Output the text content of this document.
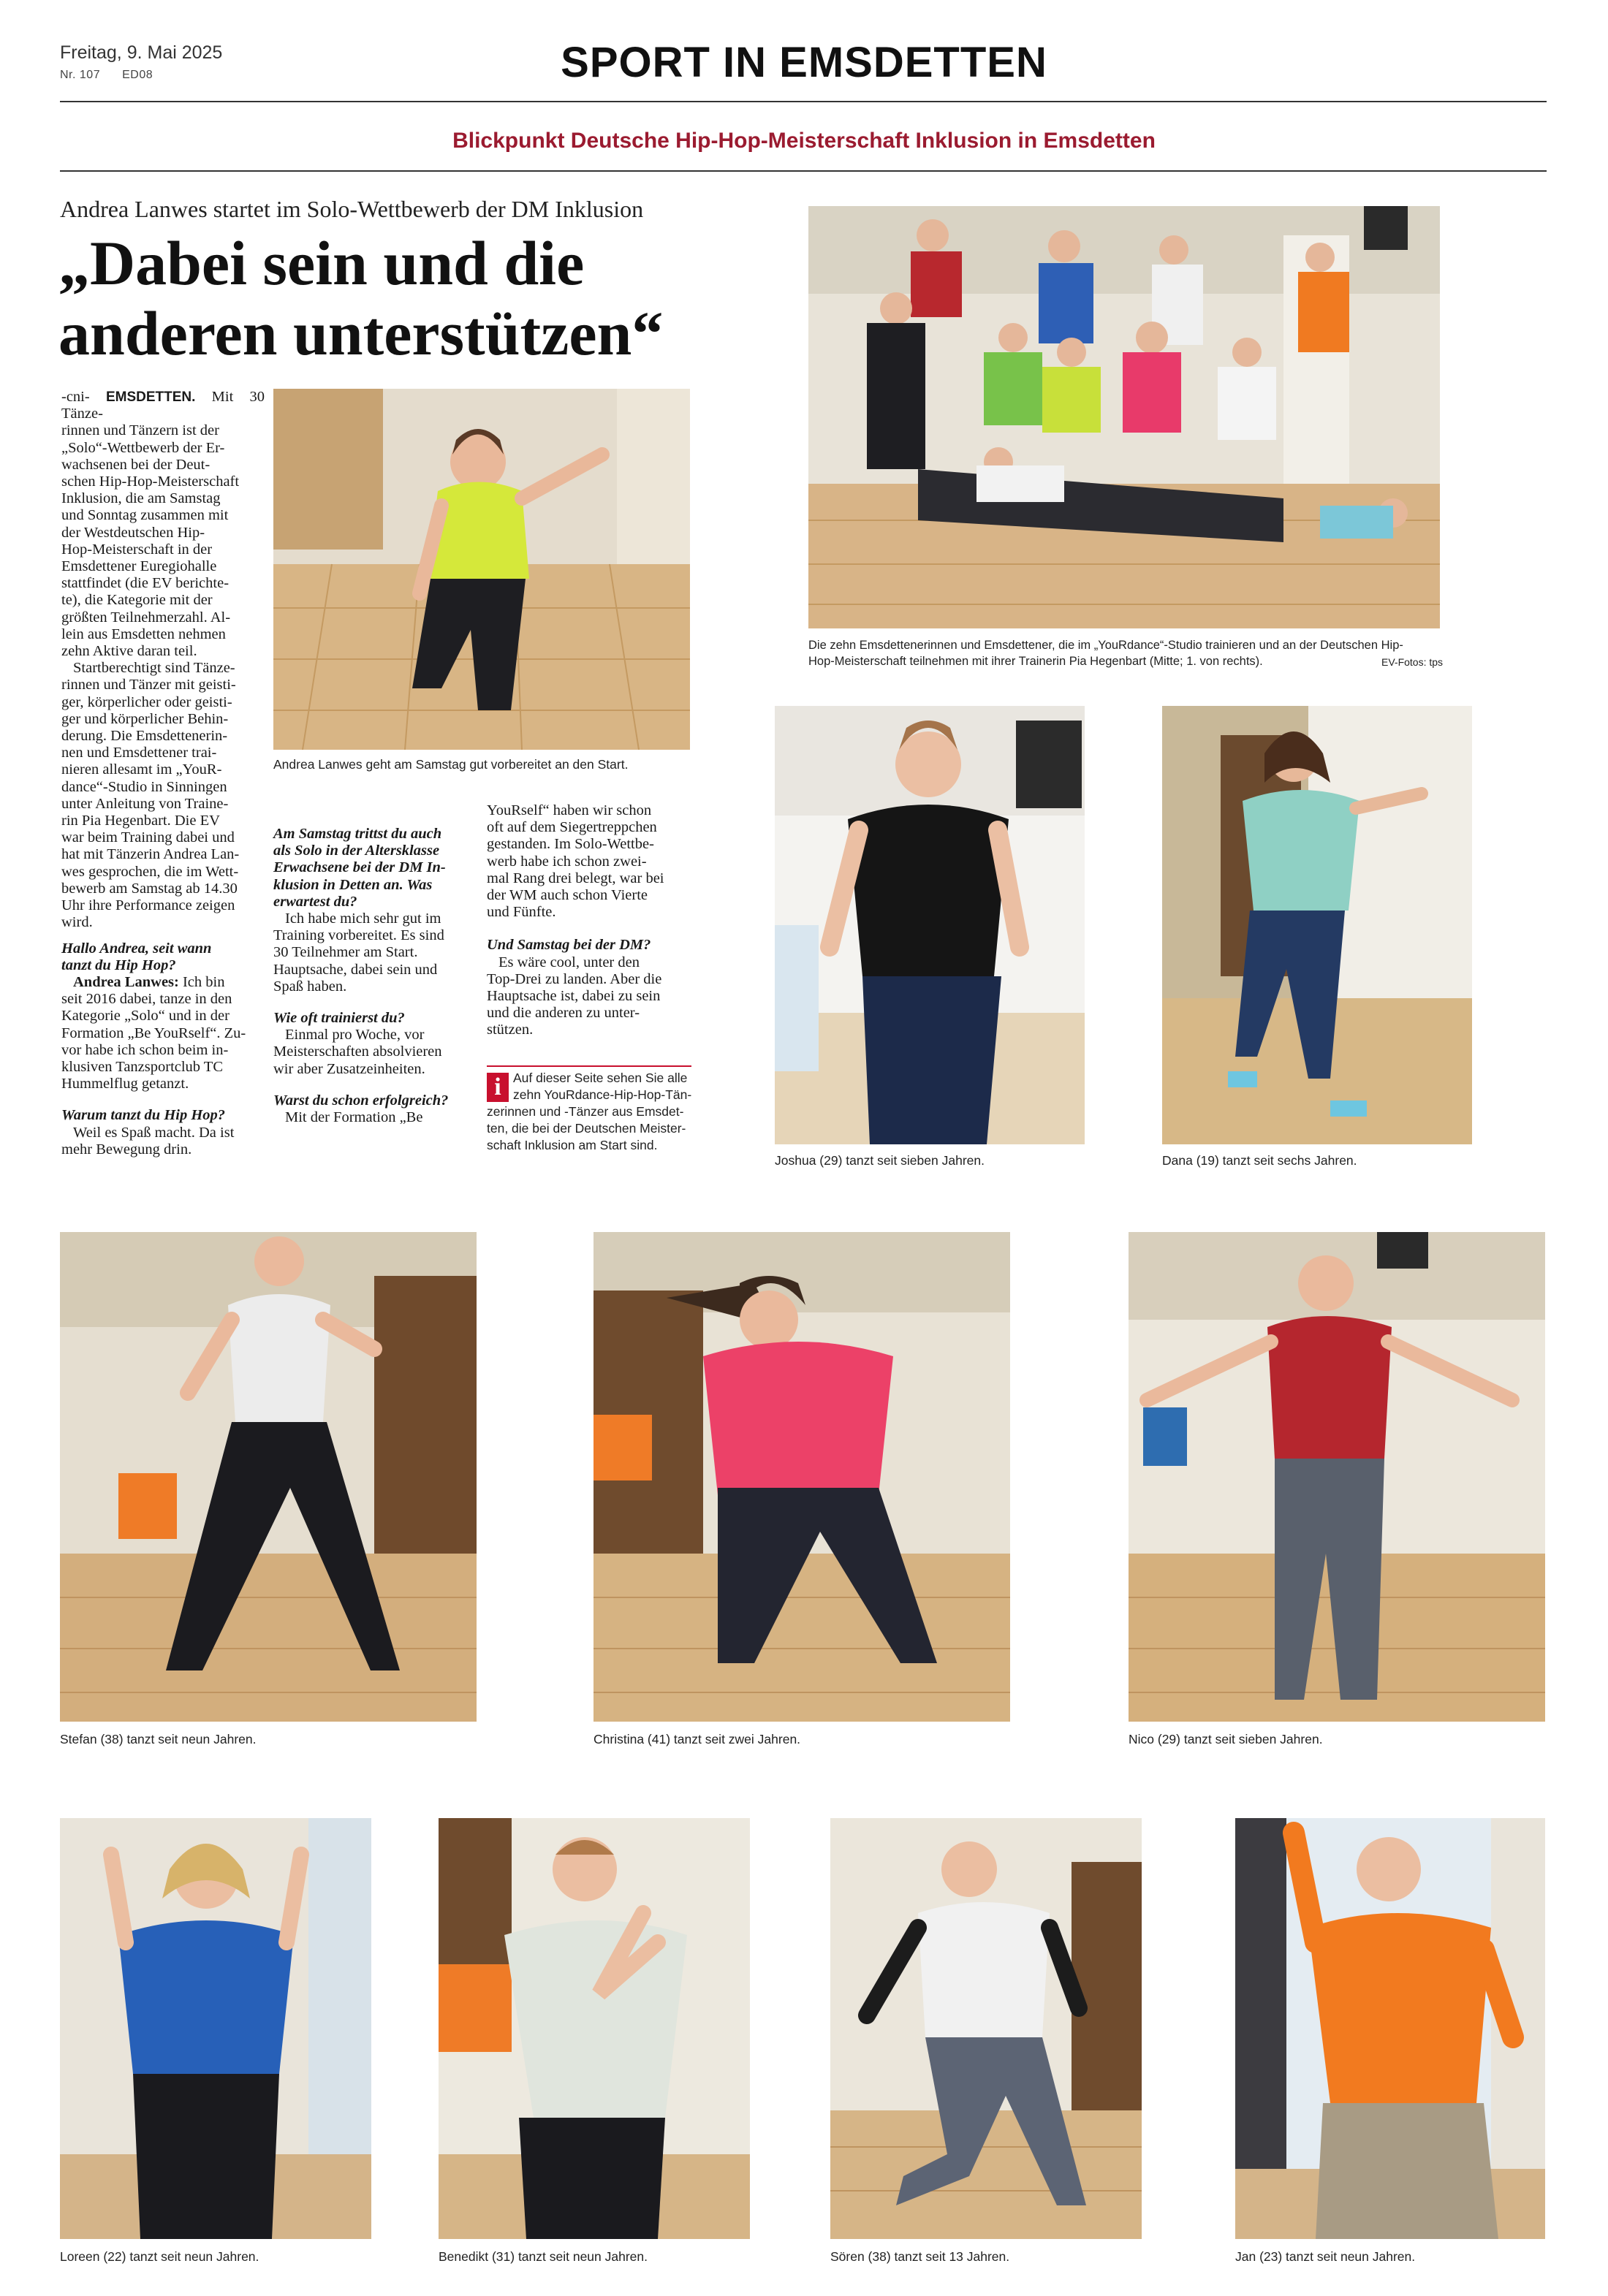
Freitag, 9. Mai 2025
Nr. 107 ED08	SPORT IN EMSDETTEN
Blickpunkt Deutsche Hip-Hop-Meisterschaft Inklusion in Emsdetten
Andrea Lanwes startet im Solo-Wettbewerb der DM Inklusion
„Dabei sein und die
anderen unterstützen“

-cni- EMSDETTEN. Mit 30 Tänze-

rinnen und Tänzern ist der

„Solo“-Wettbewerb der Er-

wachsenen bei der Deut-

schen Hip-Hop-Meisterschaft

Inklusion, die am Samstag

und Sonntag zusammen mit

der Westdeutschen Hip-

Hop-Meisterschaft in der

Emsdettener Euregiohalle

stattfindet (die EV berichte-

te), die Kategorie mit der

größten Teilnehmerzahl. Al-

lein aus Emsdetten nehmen

zehn Aktive daran teil.

Startberechtigt sind Tänze-

rinnen und Tänzer mit geisti-

ger, körperlicher oder geisti-

ger und körperlicher Behin-

derung. Die Emsdettenerin-

nen und Emsdettener trai-

nieren allesamt im „YouR-

dance“-Studio in Sinningen

unter Anleitung von Traine-

rin Pia Hegenbart. Die EV

war beim Training dabei und

hat mit Tänzerin Andrea Lan-

wes gesprochen, die im Wett-

bewerb am Samstag ab 14.30

Uhr ihre Performance zeigen

wird.

Hallo Andrea, seit wann

tanzt du Hip Hop?

Andrea Lanwes: Ich bin

seit 2016 dabei, tanze in den

Kategorie „Solo“ und in der

Formation „Be YouRself“. Zu-

vor habe ich schon beim in-

klusiven Tanzsportclub TC

Hummelflug getanzt.

Warum tanzt du Hip Hop?

Weil es Spaß macht. Da ist

mehr Bewegung drin.

Am Samstag trittst du auch

als Solo in der Altersklasse

Erwachsene bei der DM In-

klusion in Detten an. Was

erwartest du?

Ich habe mich sehr gut im

Training vorbereitet. Es sind

30 Teilnehmer am Start.

Hauptsache, dabei sein und

Spaß haben.

Wie oft trainierst du?

Einmal pro Woche, vor

Meisterschaften absolvieren

wir aber Zusatzeinheiten.

Warst du schon erfolgreich?

Mit der Formation „Be

YouRself“ haben wir schon

oft auf dem Siegertreppchen

gestanden. Im Solo-Wettbe-

werb habe ich schon zwei-

mal Rang drei belegt, war bei

der WM auch schon Vierte

und Fünfte.

Und Samstag bei der DM?

Es wäre cool, unter den

Top-Drei zu landen. Aber die

Hauptsache ist, dabei zu sein

und die anderen zu unter-

stützen.

i Auf dieser Seite sehen Sie alle
zehn YouRdance-Hip-Hop-Tän-
zerinnen und -Tänzer aus Emsdet-
ten, die bei der Deutschen Meister-
schaft Inklusion am Start sind.
Andrea Lanwes geht am Samstag gut vorbereitet an den Start.
Die zehn Emsdettenerinnen und Emsdettener, die im „YouRdance“-Studio trainieren und an der Deutschen Hip-
Hop-Meisterschaft teilnehmen mit ihrer Trainerin Pia Hegenbart (Mitte; 1. von rechts).	EV-Fotos: tps
Joshua (29) tanzt seit sieben Jahren.	Dana (19) tanzt seit sechs Jahren.
Stefan (38) tanzt seit neun Jahren.	Christina (41) tanzt seit zwei Jahren.	Nico (29) tanzt seit sieben Jahren.
Loreen (22) tanzt seit neun Jahren.	Benedikt (31) tanzt seit neun Jahren.	Sören (38) tanzt seit 13 Jahren.	Jan (23) tanzt seit neun Jahren.
